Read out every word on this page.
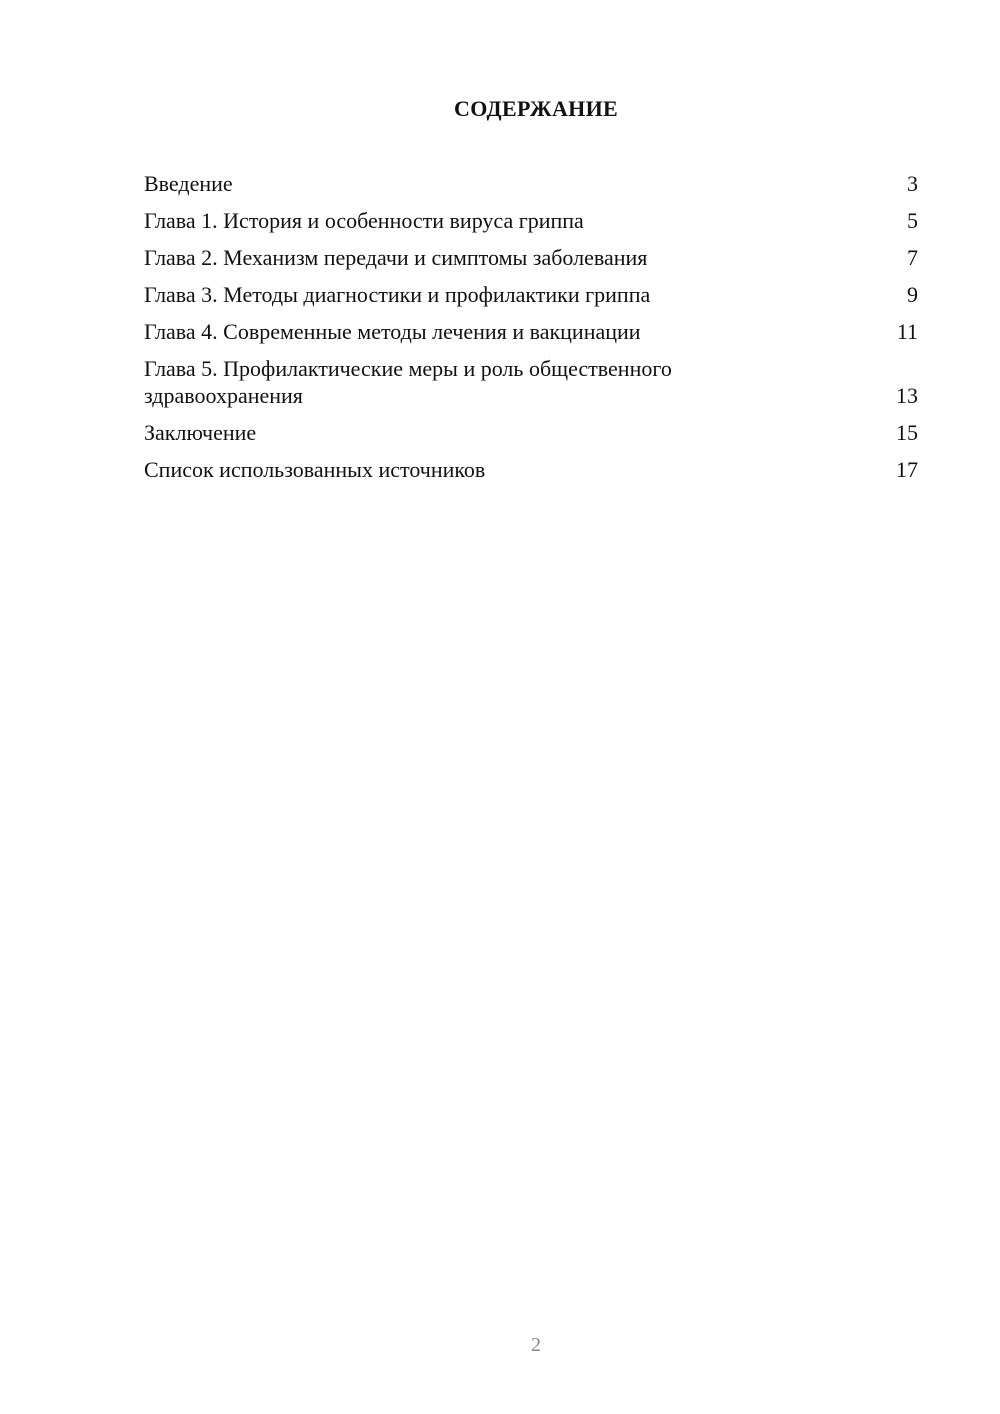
СОДЕРЖАНИЕ
Введение	3
Глава 1. История и особенности вируса гриппа	5
Глава 2. Механизм передачи и симптомы заболевания	7
Глава 3. Методы диагностики и профилактики гриппа	9
Глава 4. Современные методы лечения и вакцинации	11
Глава 5. Профилактические меры и роль общественного здравоохранения	13
Заключение	15
Список использованных источников	17
2
